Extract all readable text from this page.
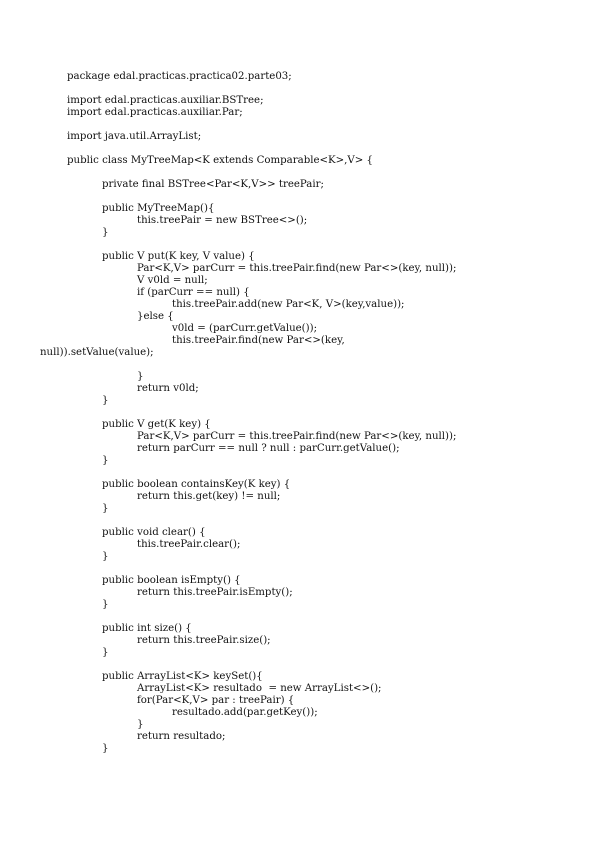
package edal.practicas.practica02.parte03;
import edal.practicas.auxiliar.BSTree;
import edal.practicas.auxiliar.Par;
import java.util.ArrayList;
public class MyTreeMap<K extends Comparable<K>,V> {
private final BSTree<Par<K,V>> treePair;
public MyTreeMap(){
this.treePair = new BSTree<>();
}
public V put(K key, V value) {
Par<K,V> parCurr = this.treePair.find(new Par<>(key, null));
V v0ld = null;
if (parCurr == null) {
this.treePair.add(new Par<K, V>(key,value));
}else {
v0ld = (parCurr.getValue());
this.treePair.find(new Par<>(key,
null)).setValue(value);
}
return v0ld;
}
public V get(K key) {
Par<K,V> parCurr = this.treePair.find(new Par<>(key, null));
return parCurr == null ? null : parCurr.getValue();
}
public boolean containsKey(K key) {
return this.get(key) != null;
}
public void clear() {
this.treePair.clear();
}
public boolean isEmpty() {
return this.treePair.isEmpty();
}
public int size() {
return this.treePair.size();
}
public ArrayList<K> keySet(){
ArrayList<K> resultado  = new ArrayList<>();
for(Par<K,V> par : treePair) {
resultado.add(par.getKey());
}
return resultado;
}
